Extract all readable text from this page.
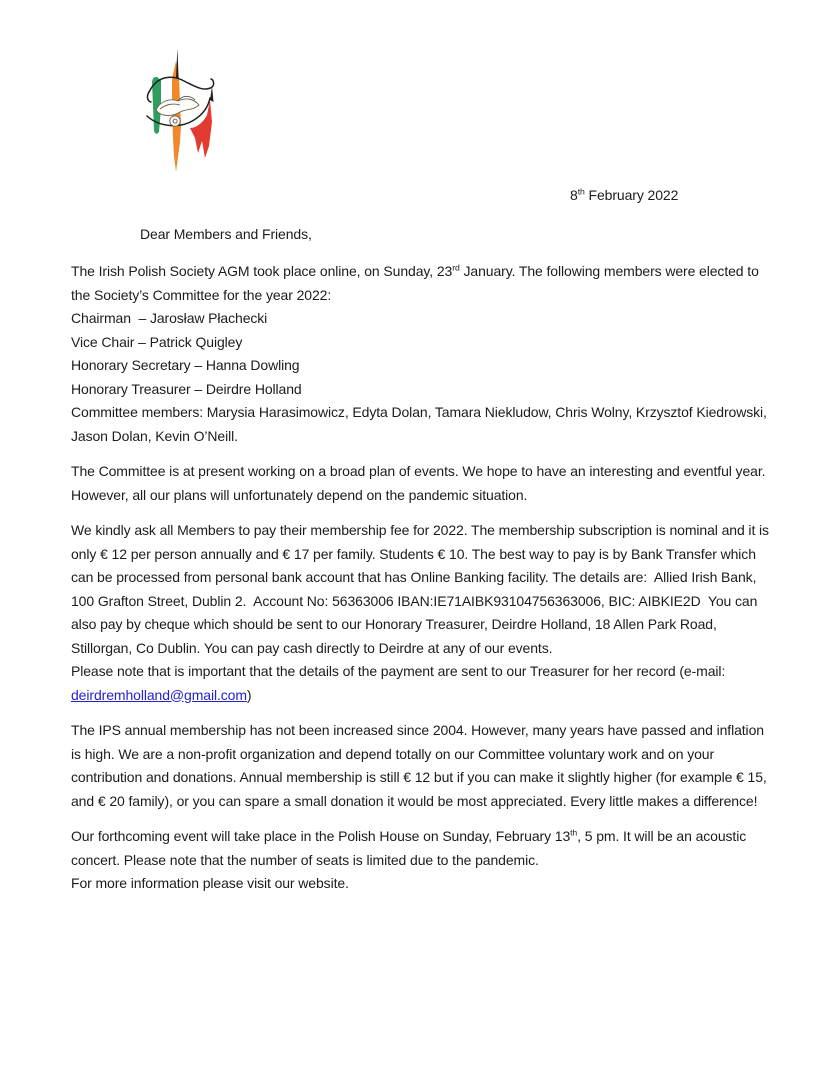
8th February 2022
Dear Members and Friends,
The Irish Polish Society AGM took place online, on Sunday, 23rd January. The following members were elected to the Society’s Committee for the year 2022:
Chairman  – Jarosław Płachecki
Vice Chair – Patrick Quigley
Honorary Secretary – Hanna Dowling
Honorary Treasurer – Deirdre Holland
Committee members: Marysia Harasimowicz, Edyta Dolan, Tamara Niekludow, Chris Wolny, Krzysztof Kiedrowski, Jason Dolan, Kevin O’Neill.
The Committee is at present working on a broad plan of events. We hope to have an interesting and eventful year. However, all our plans will unfortunately depend on the pandemic situation.
We kindly ask all Members to pay their membership fee for 2022. The membership subscription is nominal and it is only € 12 per person annually and € 17 per family. Students € 10. The best way to pay is by Bank Transfer which can be processed from personal bank account that has Online Banking facility. The details are:  Allied Irish Bank, 100 Grafton Street, Dublin 2.  Account No: 56363006 IBAN:IE71AIBK93104756363006, BIC: AIBKIE2D  You can also pay by cheque which should be sent to our Honorary Treasurer, Deirdre Holland, 18 Allen Park Road, Stillorgan, Co Dublin. You can pay cash directly to Deirdre at any of our events.
Please note that is important that the details of the payment are sent to our Treasurer for her record (e-mail:  deirdremholland@gmail.com)
The IPS annual membership has not been increased since 2004. However, many years have passed and inflation is high. We are a non-profit organization and depend totally on our Committee voluntary work and on your contribution and donations. Annual membership is still € 12 but if you can make it slightly higher (for example € 15, and € 20 family), or you can spare a small donation it would be most appreciated. Every little makes a difference!
Our forthcoming event will take place in the Polish House on Sunday, February 13th, 5 pm. It will be an acoustic concert. Please note that the number of seats is limited due to the pandemic.
For more information please visit our website.
